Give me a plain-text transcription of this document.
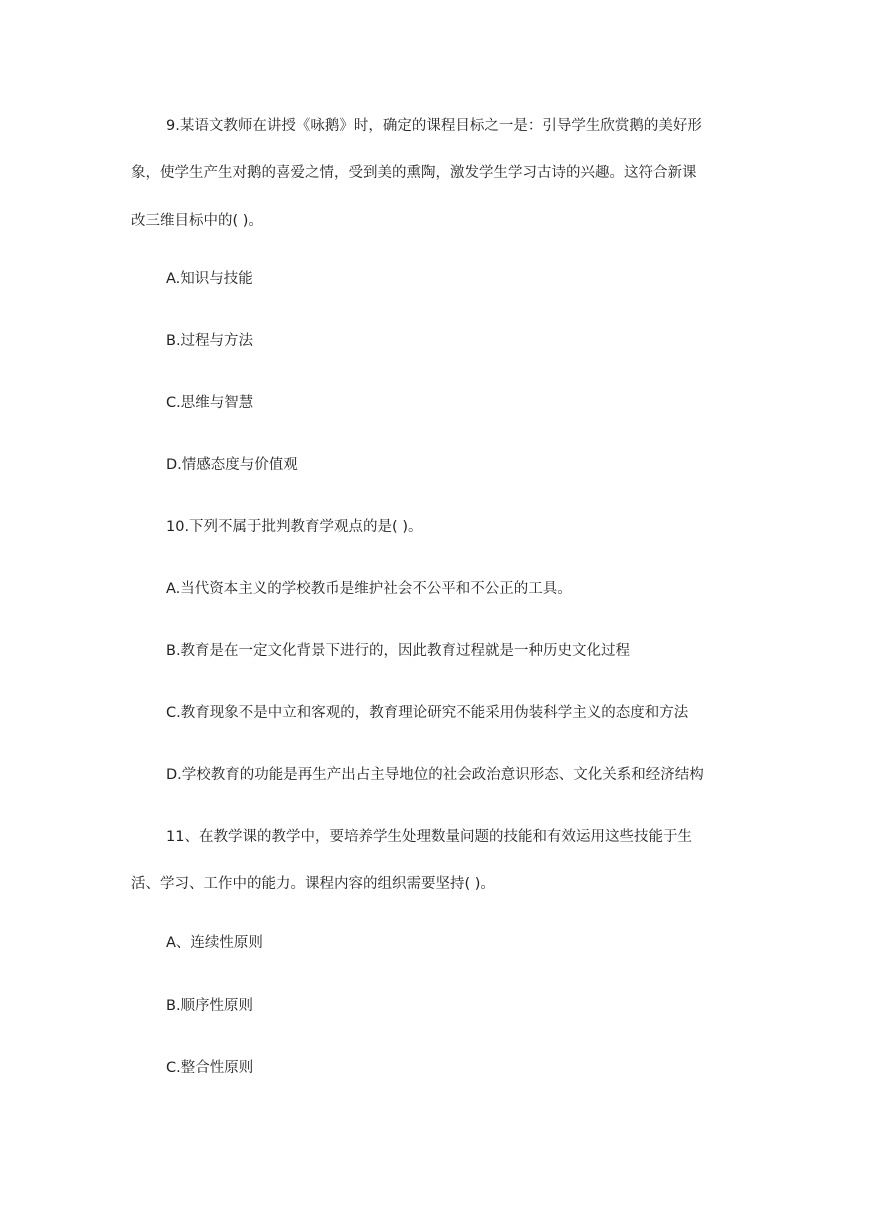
9.某语文教师在讲授《咏鹅》时，确定的课程目标之一是：引导学生欣赏鹅的美好形
象，使学生产生对鹅的喜爱之情，受到美的熏陶，激发学生学习古诗的兴趣。这符合新课
改三维目标中的( )。
A.知识与技能
B.过程与方法
C.思维与智慧
D.情感态度与价值观
10.下列不属于批判教育学观点的是( )。
A.当代资本主义的学校教币是维护社会不公平和不公正的工具。
B.教育是在一定文化背景下进行的，因此教育过程就是一种历史文化过程
C.教育现象不是中立和客观的，教育理论研究不能采用伪装科学主义的态度和方法
D.学校教育的功能是再生产出占主导地位的社会政治意识形态、文化关系和经济结构
11、在教学课的教学中，要培养学生处理数量问题的技能和有效运用这些技能于生
活、学习、工作中的能力。课程内容的组织需要坚持( )。
A、连续性原则
B.顺序性原则
C.整合性原则
